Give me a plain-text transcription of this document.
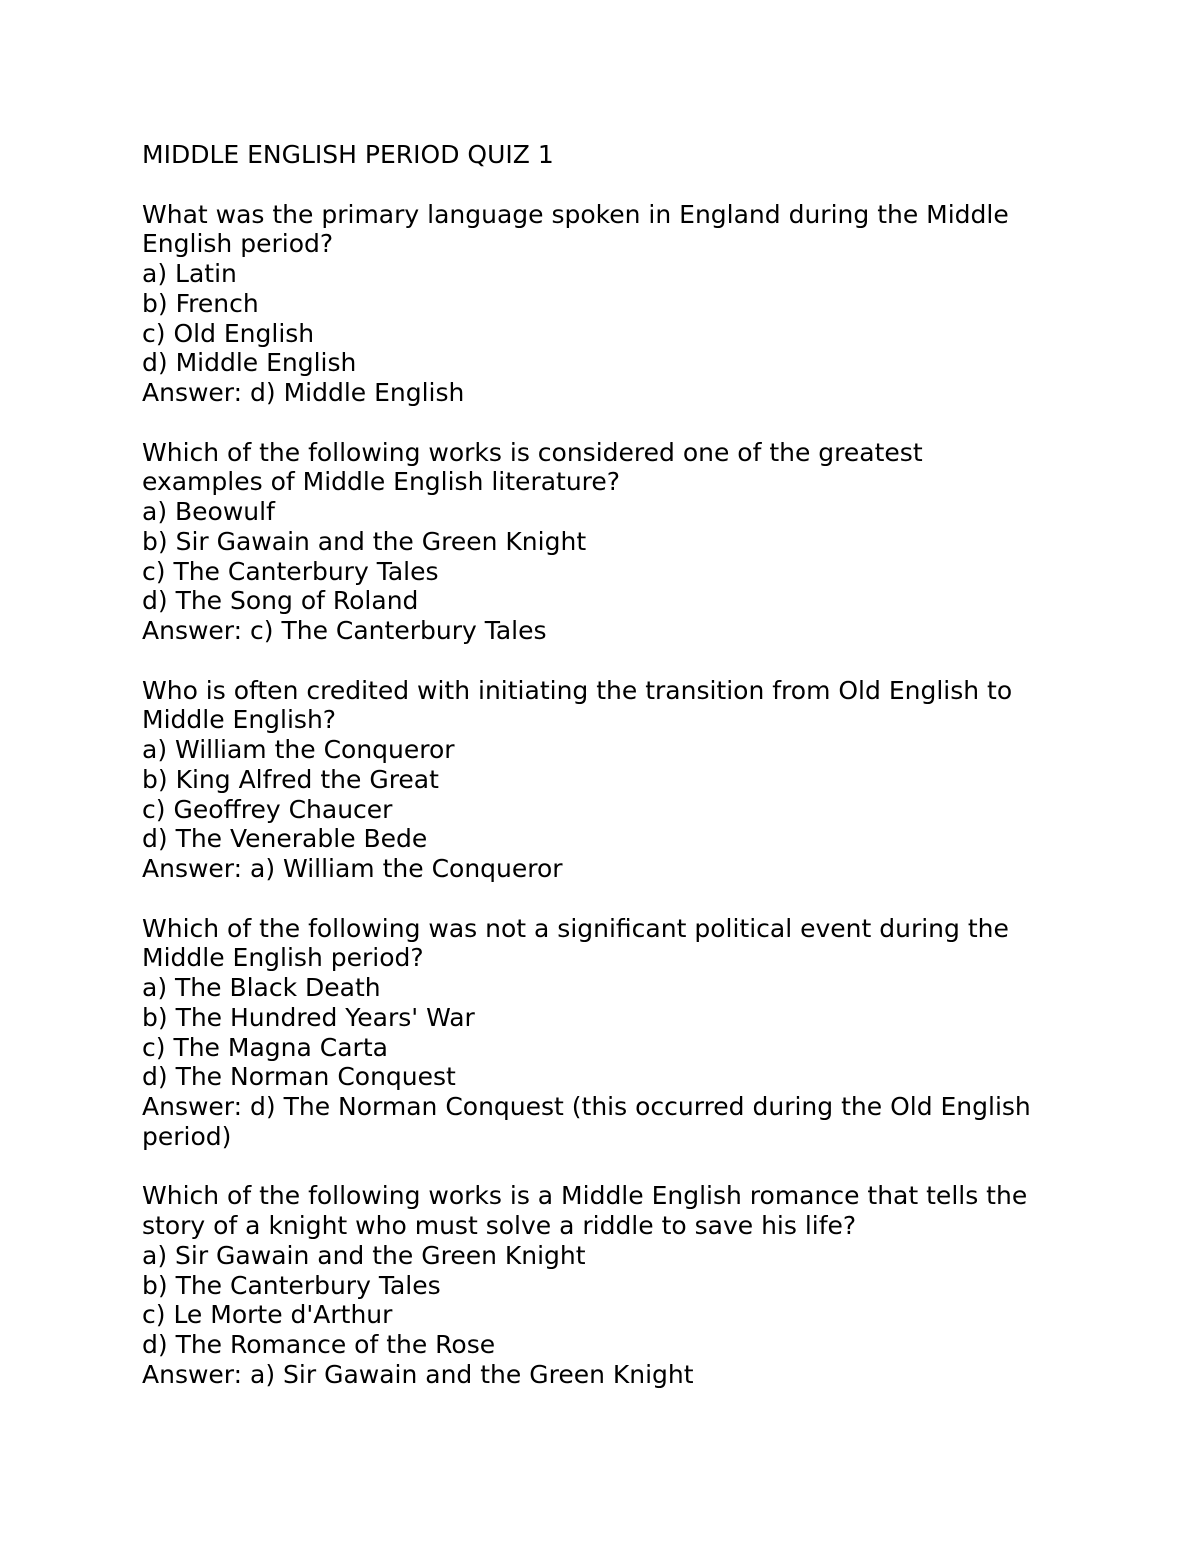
MIDDLE ENGLISH PERIOD QUIZ 1
What was the primary language spoken in England during the Middle
English period?
a) Latin
b) French
c) Old English
d) Middle English
Answer: d) Middle English
Which of the following works is considered one of the greatest
examples of Middle English literature?
a) Beowulf
b) Sir Gawain and the Green Knight
c) The Canterbury Tales
d) The Song of Roland
Answer: c) The Canterbury Tales
Who is often credited with initiating the transition from Old English to
Middle English?
a) William the Conqueror
b) King Alfred the Great
c) Geoffrey Chaucer
d) The Venerable Bede
Answer: a) William the Conqueror
Which of the following was not a significant political event during the
Middle English period?
a) The Black Death
b) The Hundred Years' War
c) The Magna Carta
d) The Norman Conquest
Answer: d) The Norman Conquest (this occurred during the Old English
period)
Which of the following works is a Middle English romance that tells the
story of a knight who must solve a riddle to save his life?
a) Sir Gawain and the Green Knight
b) The Canterbury Tales
c) Le Morte d'Arthur
d) The Romance of the Rose
Answer: a) Sir Gawain and the Green Knight
